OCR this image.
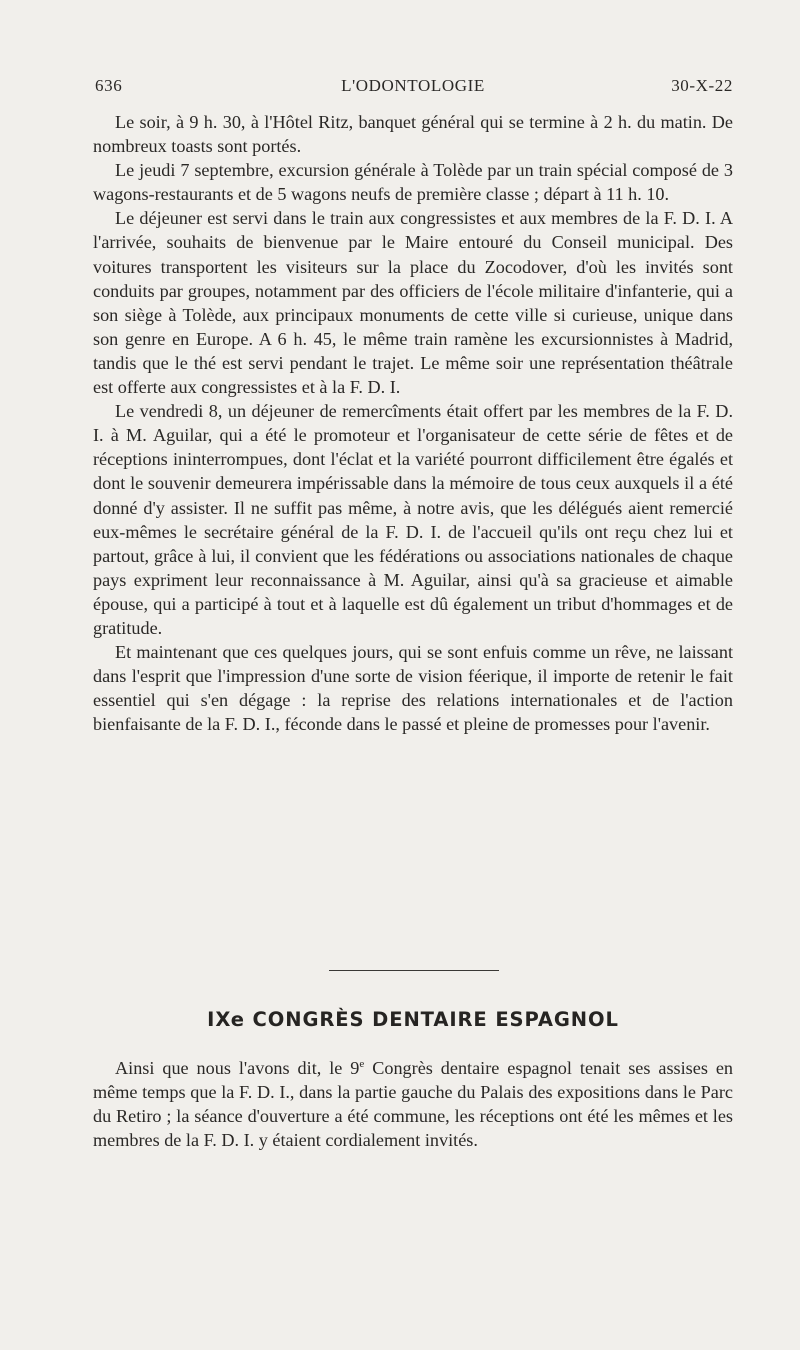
636	L'ODONTOLOGIE	30-X-22

Le soir, à 9 h. 30, à l'Hôtel Ritz, banquet général qui se termine à 2 h. du matin. De nombreux toasts sont portés.

Le jeudi 7 septembre, excursion générale à Tolède par un train spécial composé de 3 wagons-restaurants et de 5 wagons neufs de première classe ; départ à 11 h. 10.

Le déjeuner est servi dans le train aux congressistes et aux membres de la F. D. I. A l'arrivée, souhaits de bienvenue par le Maire entouré du Conseil municipal. Des voitures transportent les visiteurs sur la place du Zocodover, d'où les invités sont conduits par groupes, notamment par des officiers de l'école militaire d'infanterie, qui a son siège à Tolède, aux principaux monuments de cette ville si curieuse, unique dans son genre en Europe. A 6 h. 45, le même train ramène les excursionnistes à Madrid, tandis que le thé est servi pendant le trajet. Le même soir une représentation théâtrale est offerte aux congressistes et à la F. D. I.

Le vendredi 8, un déjeuner de remercîments était offert par les membres de la F. D. I. à M. Aguilar, qui a été le promoteur et l'organisateur de cette série de fêtes et de réceptions ininterrompues, dont l'éclat et la variété pourront difficilement être égalés et dont le souvenir demeurera impérissable dans la mémoire de tous ceux auxquels il a été donné d'y assister. Il ne suffit pas même, à notre avis, que les délégués aient remercié eux-mêmes le secrétaire général de la F. D. I. de l'accueil qu'ils ont reçu chez lui et partout, grâce à lui, il convient que les fédérations ou associations nationales de chaque pays expriment leur reconnaissance à M. Aguilar, ainsi qu'à sa gracieuse et aimable épouse, qui a participé à tout et à laquelle est dû également un tribut d'hommages et de gratitude.

Et maintenant que ces quelques jours, qui se sont enfuis comme un rêve, ne laissant dans l'esprit que l'impression d'une sorte de vision féerique, il importe de retenir le fait essentiel qui s'en dégage : la reprise des relations internationales et de l'action bienfaisante de la F. D. I., féconde dans le passé et pleine de promesses pour l'avenir.

IXe CONGRÈS DENTAIRE ESPAGNOL

Ainsi que nous l'avons dit, le 9e Congrès dentaire espagnol tenait ses assises en même temps que la F. D. I., dans la partie gauche du Palais des expositions dans le Parc du Retiro ; la séance d'ouverture a été commune, les réceptions ont été les mêmes et les membres de la F. D. I. y étaient cordialement invités.
